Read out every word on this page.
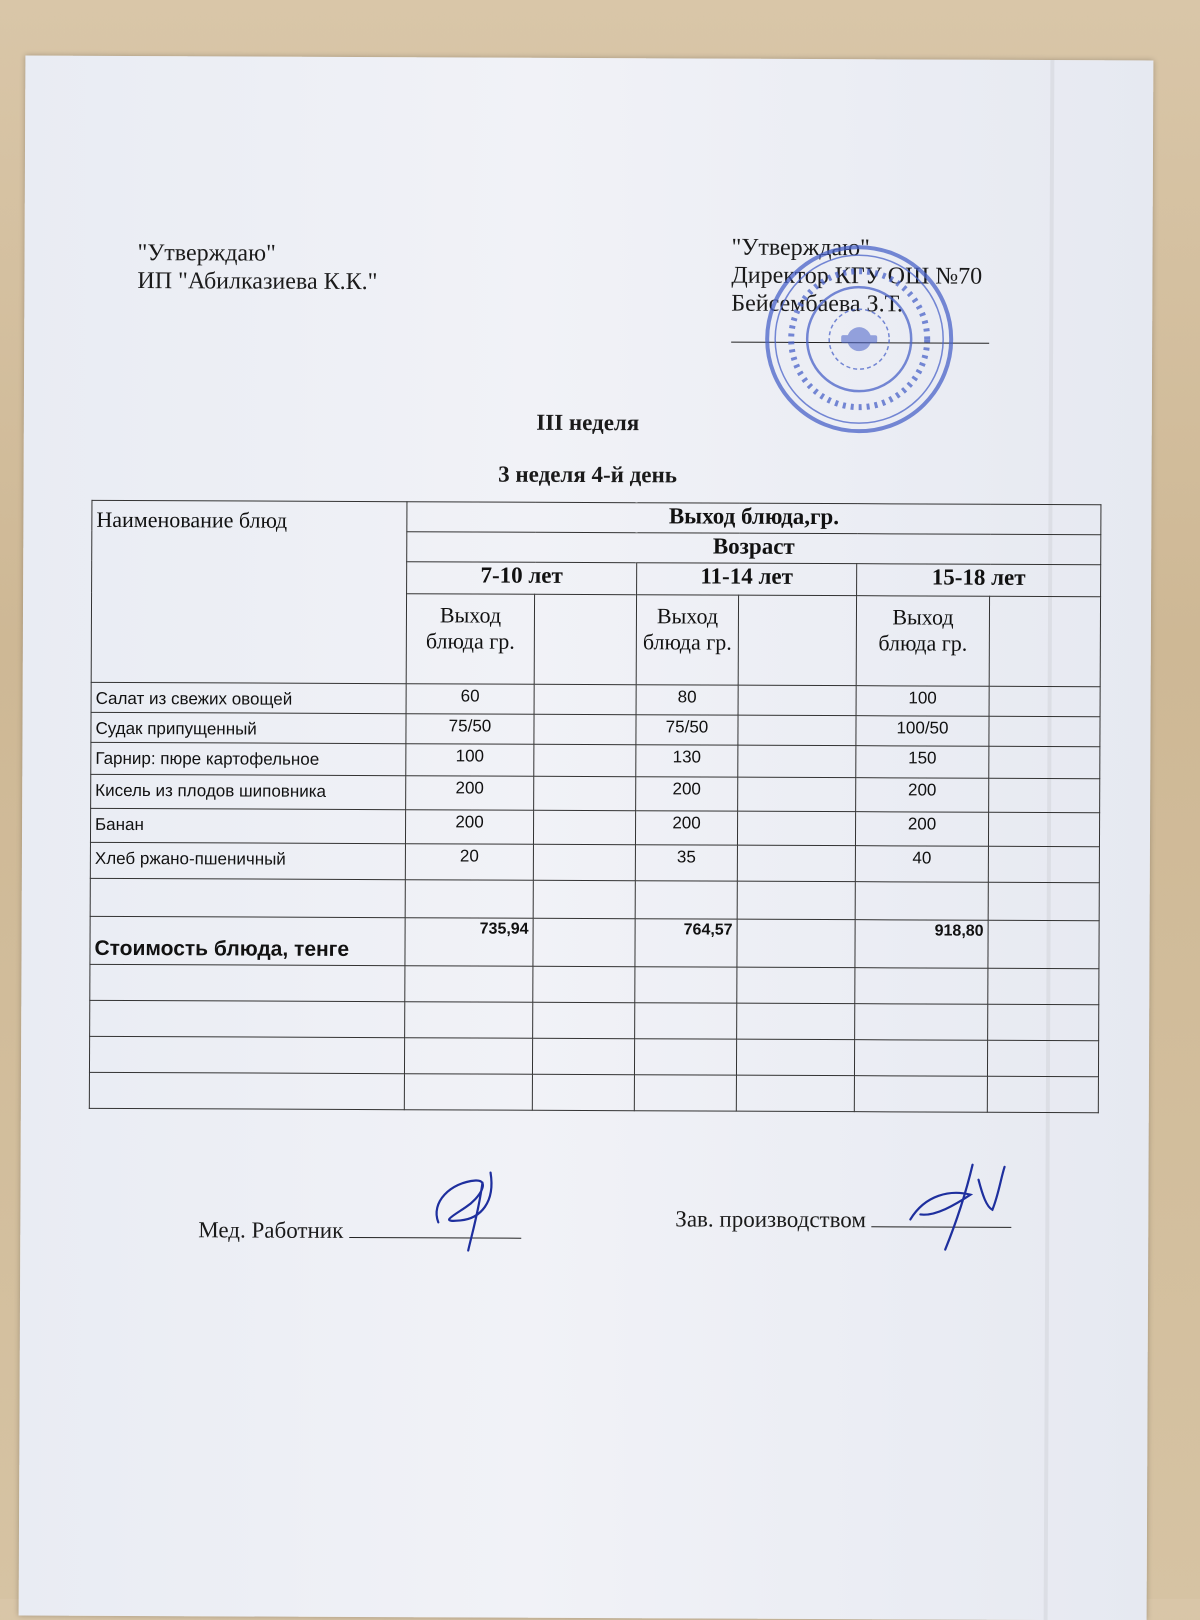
"Утверждаю"
ИП "Абилказиева К.К."
"Утверждаю"
Директор КГУ ОШ №70
Бейсембаева З.Т.
III неделя
3 неделя 4-й день
Наименование блюд	Выход блюда,гр.					
	Возраст					
	7-10 лет		11-14 лет		15-18 лет	
	Выход блюда гр.		Выход блюда гр.		Выход блюда гр.	
Салат из свежих овощей	60		80		100	
Судак припущенный	75/50		75/50		100/50	
Гарнир: пюре картофельное	100		130		150	
Кисель из плодов шиповника	200		200		200	
Банан	200		200		200	
Хлеб ржано-пшеничный	20		35		40	

Стоимость блюда, тенге	735,94		764,57		918,80	

Мед. Работник	Зав. производством
